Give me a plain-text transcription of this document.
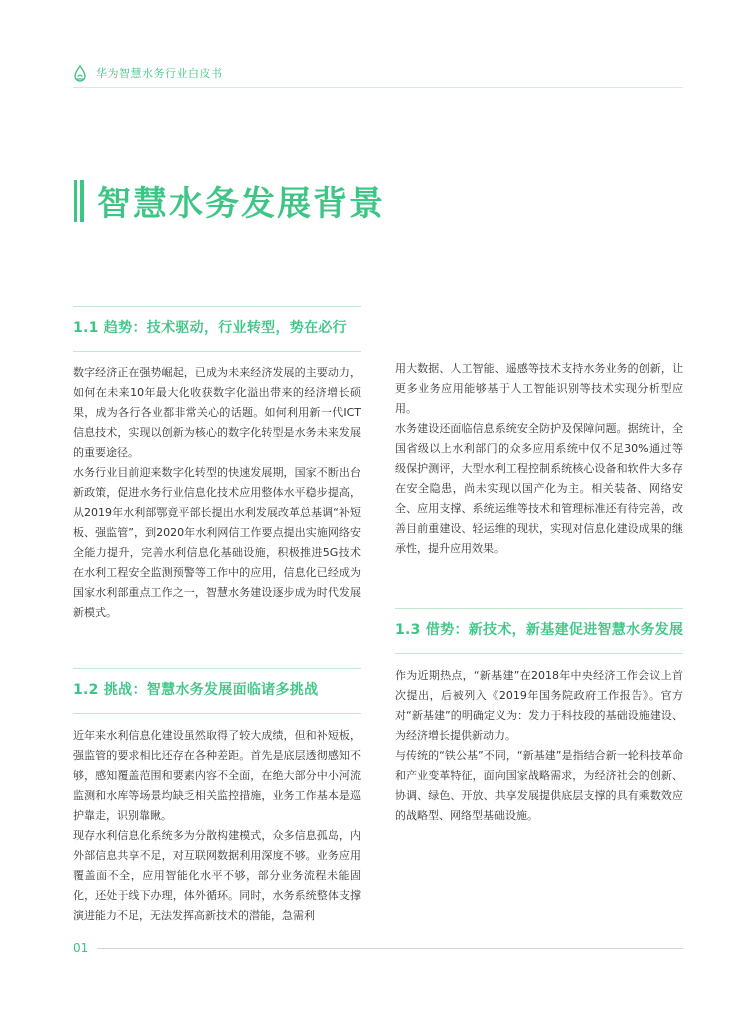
华为智慧水务行业白皮书
智慧水务发展背景
1.1 趋势：技术驱动，行业转型，势在必行

数字经济正在强势崛起，已成为未来经济发展的主要动力，如何在未来10年最大化收获数字化溢出带来的经济增长硕果，成为各行各业都非常关心的话题。如何利用新一代ICT信息技术，实现以创新为核心的数字化转型是水务未来发展的重要途径。

水务行业目前迎来数字化转型的快速发展期，国家不断出台新政策，促进水务行业信息化技术应用整体水平稳步提高，从2019年水利部鄂竟平部长提出水利发展改革总基调“补短板、强监管”，到2020年水利网信工作要点提出实施网络安全能力提升，完善水利信息化基础设施，积极推进5G技术在水利工程安全监测预警等工作中的应用，信息化已经成为国家水利部重点工作之一，智慧水务建设逐步成为时代发展新模式。

1.2 挑战：智慧水务发展面临诸多挑战

近年来水利信息化建设虽然取得了较大成绩，但和补短板，强监管的要求相比还存在各种差距。首先是底层透彻感知不够，感知覆盖范围和要素内容不全面，在绝大部分中小河流监测和水库等场景均缺乏相关监控措施，业务工作基本是巡护靠走，识别靠瞅。

现存水利信息化系统多为分散构建模式，众多信息孤岛，内外部信息共享不足，对互联网数据利用深度不够。业务应用覆盖面不全，应用智能化水平不够，部分业务流程未能固化，还处于线下办理，体外循环。同时，水务系统整体支撑演进能力不足，无法发挥高新技术的潜能，急需利

用大数据、人工智能、遥感等技术支持水务业务的创新，让更多业务应用能够基于人工智能识别等技术实现分析型应用。

水务建设还面临信息系统安全防护及保障问题。据统计，全国省级以上水利部门的众多应用系统中仅不足30%通过等级保护测评，大型水利工程控制系统核心设备和软件大多存在安全隐患，尚未实现以国产化为主。相关装备、网络安全、应用支撑、系统运维等技术和管理标准还有待完善，改善目前重建设、轻运维的现状，实现对信息化建设成果的继承性，提升应用效果。

1.3 借势：新技术，新基建促进智慧水务发展

作为近期热点，“新基建”在2018年中央经济工作会议上首次提出，后被列入《2019年国务院政府工作报告》。官方对“新基建”的明确定义为：发力于科技段的基础设施建设、为经济增长提供新动力。

与传统的“铁公基”不同，“新基建”是指结合新一轮科技革命和产业变革特征，面向国家战略需求，为经济社会的创新、协调、绿色、开放、共享发展提供底层支撑的具有乘数效应的战略型、网络型基础设施。

01
